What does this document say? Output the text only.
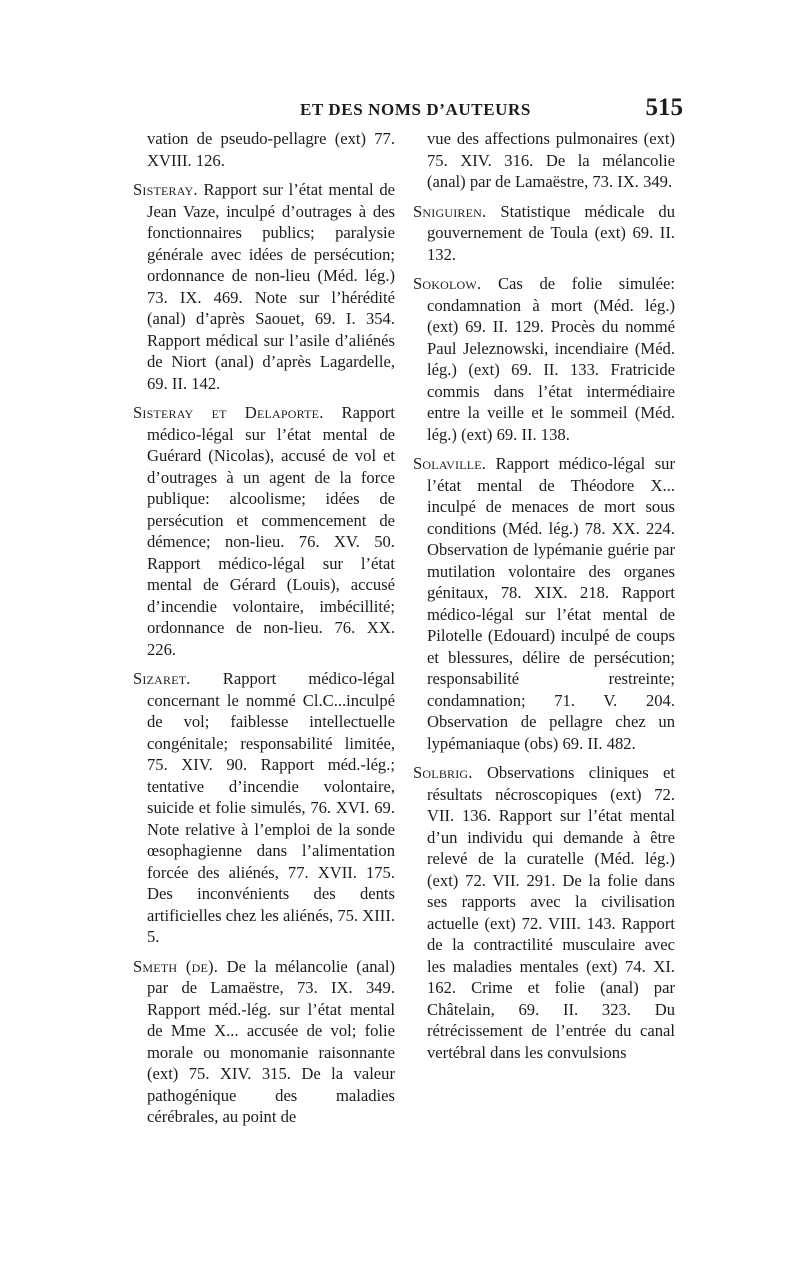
ET DES NOMS D’AUTEURS	515

vation de pseudo-pellagre (ext) 77. XVIII. 126.

Sisteray. Rapport sur l’état mental de Jean Vaze, inculpé d’outrages à des fonctionnaires publics; paralysie générale avec idées de persécution; ordonnance de non-lieu (Méd. lég.) 73. IX. 469. Note sur l’hérédité (anal) d’après Saouet, 69. I. 354. Rapport médical sur l’asile d’aliénés de Niort (anal) d’après Lagardelle, 69. II. 142.

Sisteray et Delaporte. Rapport médico-légal sur l’état mental de Guérard (Nicolas), accusé de vol et d’outrages à un agent de la force publique: alcoolisme; idées de persécution et commencement de démence; non-lieu. 76. XV. 50. Rapport médico-légal sur l’état mental de Gérard (Louis), accusé d’incendie volontaire, imbécillité; ordonnance de non-lieu. 76. XX. 226.

Sizaret. Rapport médico-légal concernant le nommé Cl.C...inculpé de vol; faiblesse intellectuelle congénitale; responsabilité limitée, 75. XIV. 90. Rapport méd.-lég.; tentative d’incendie volontaire, suicide et folie simulés, 76. XVI. 69. Note relative à l’emploi de la sonde œsophagienne dans l’alimentation forcée des aliénés, 77. XVII. 175. Des inconvénients des dents artificielles chez les aliénés, 75. XIII. 5.

Smeth (de). De la mélancolie (anal) par de Lamaëstre, 73. IX. 349. Rapport méd.-lég. sur l’état mental de Mme X... accusée de vol; folie morale ou monomanie raisonnante (ext) 75. XIV. 315. De la valeur pathogénique des maladies cérébrales, au point de

vue des affections pulmonaires (ext) 75. XIV. 316. De la mélancolie (anal) par de Lamaëstre, 73. IX. 349.

Sniguiren. Statistique médicale du gouvernement de Toula (ext) 69. II. 132.

Sokolow. Cas de folie simulée: condamnation à mort (Méd. lég.) (ext) 69. II. 129. Procès du nommé Paul Jeleznowski, incendiaire (Méd. lég.) (ext) 69. II. 133. Fratricide commis dans l’état intermédiaire entre la veille et le sommeil (Méd. lég.) (ext) 69. II. 138.

Solaville. Rapport médico-légal sur l’état mental de Théodore X... inculpé de menaces de mort sous conditions (Méd. lég.) 78. XX. 224. Observation de lypémanie guérie par mutilation volontaire des organes génitaux, 78. XIX. 218. Rapport médico-légal sur l’état mental de Pilotelle (Edouard) inculpé de coups et blessures, délire de persécution; responsabilité restreinte; condamnation; 71. V. 204. Observation de pellagre chez un lypémaniaque (obs) 69. II. 482.

Solbrig. Observations cliniques et résultats nécroscopiques (ext) 72. VII. 136. Rapport sur l’état mental d’un individu qui demande à être relevé de la curatelle (Méd. lég.) (ext) 72. VII. 291. De la folie dans ses rapports avec la civilisation actuelle (ext) 72. VIII. 143. Rapport de la contractilité musculaire avec les maladies mentales (ext) 74. XI. 162. Crime et folie (anal) par Châtelain, 69. II. 323. Du rétrécissement de l’entrée du canal vertébral dans les convulsions
